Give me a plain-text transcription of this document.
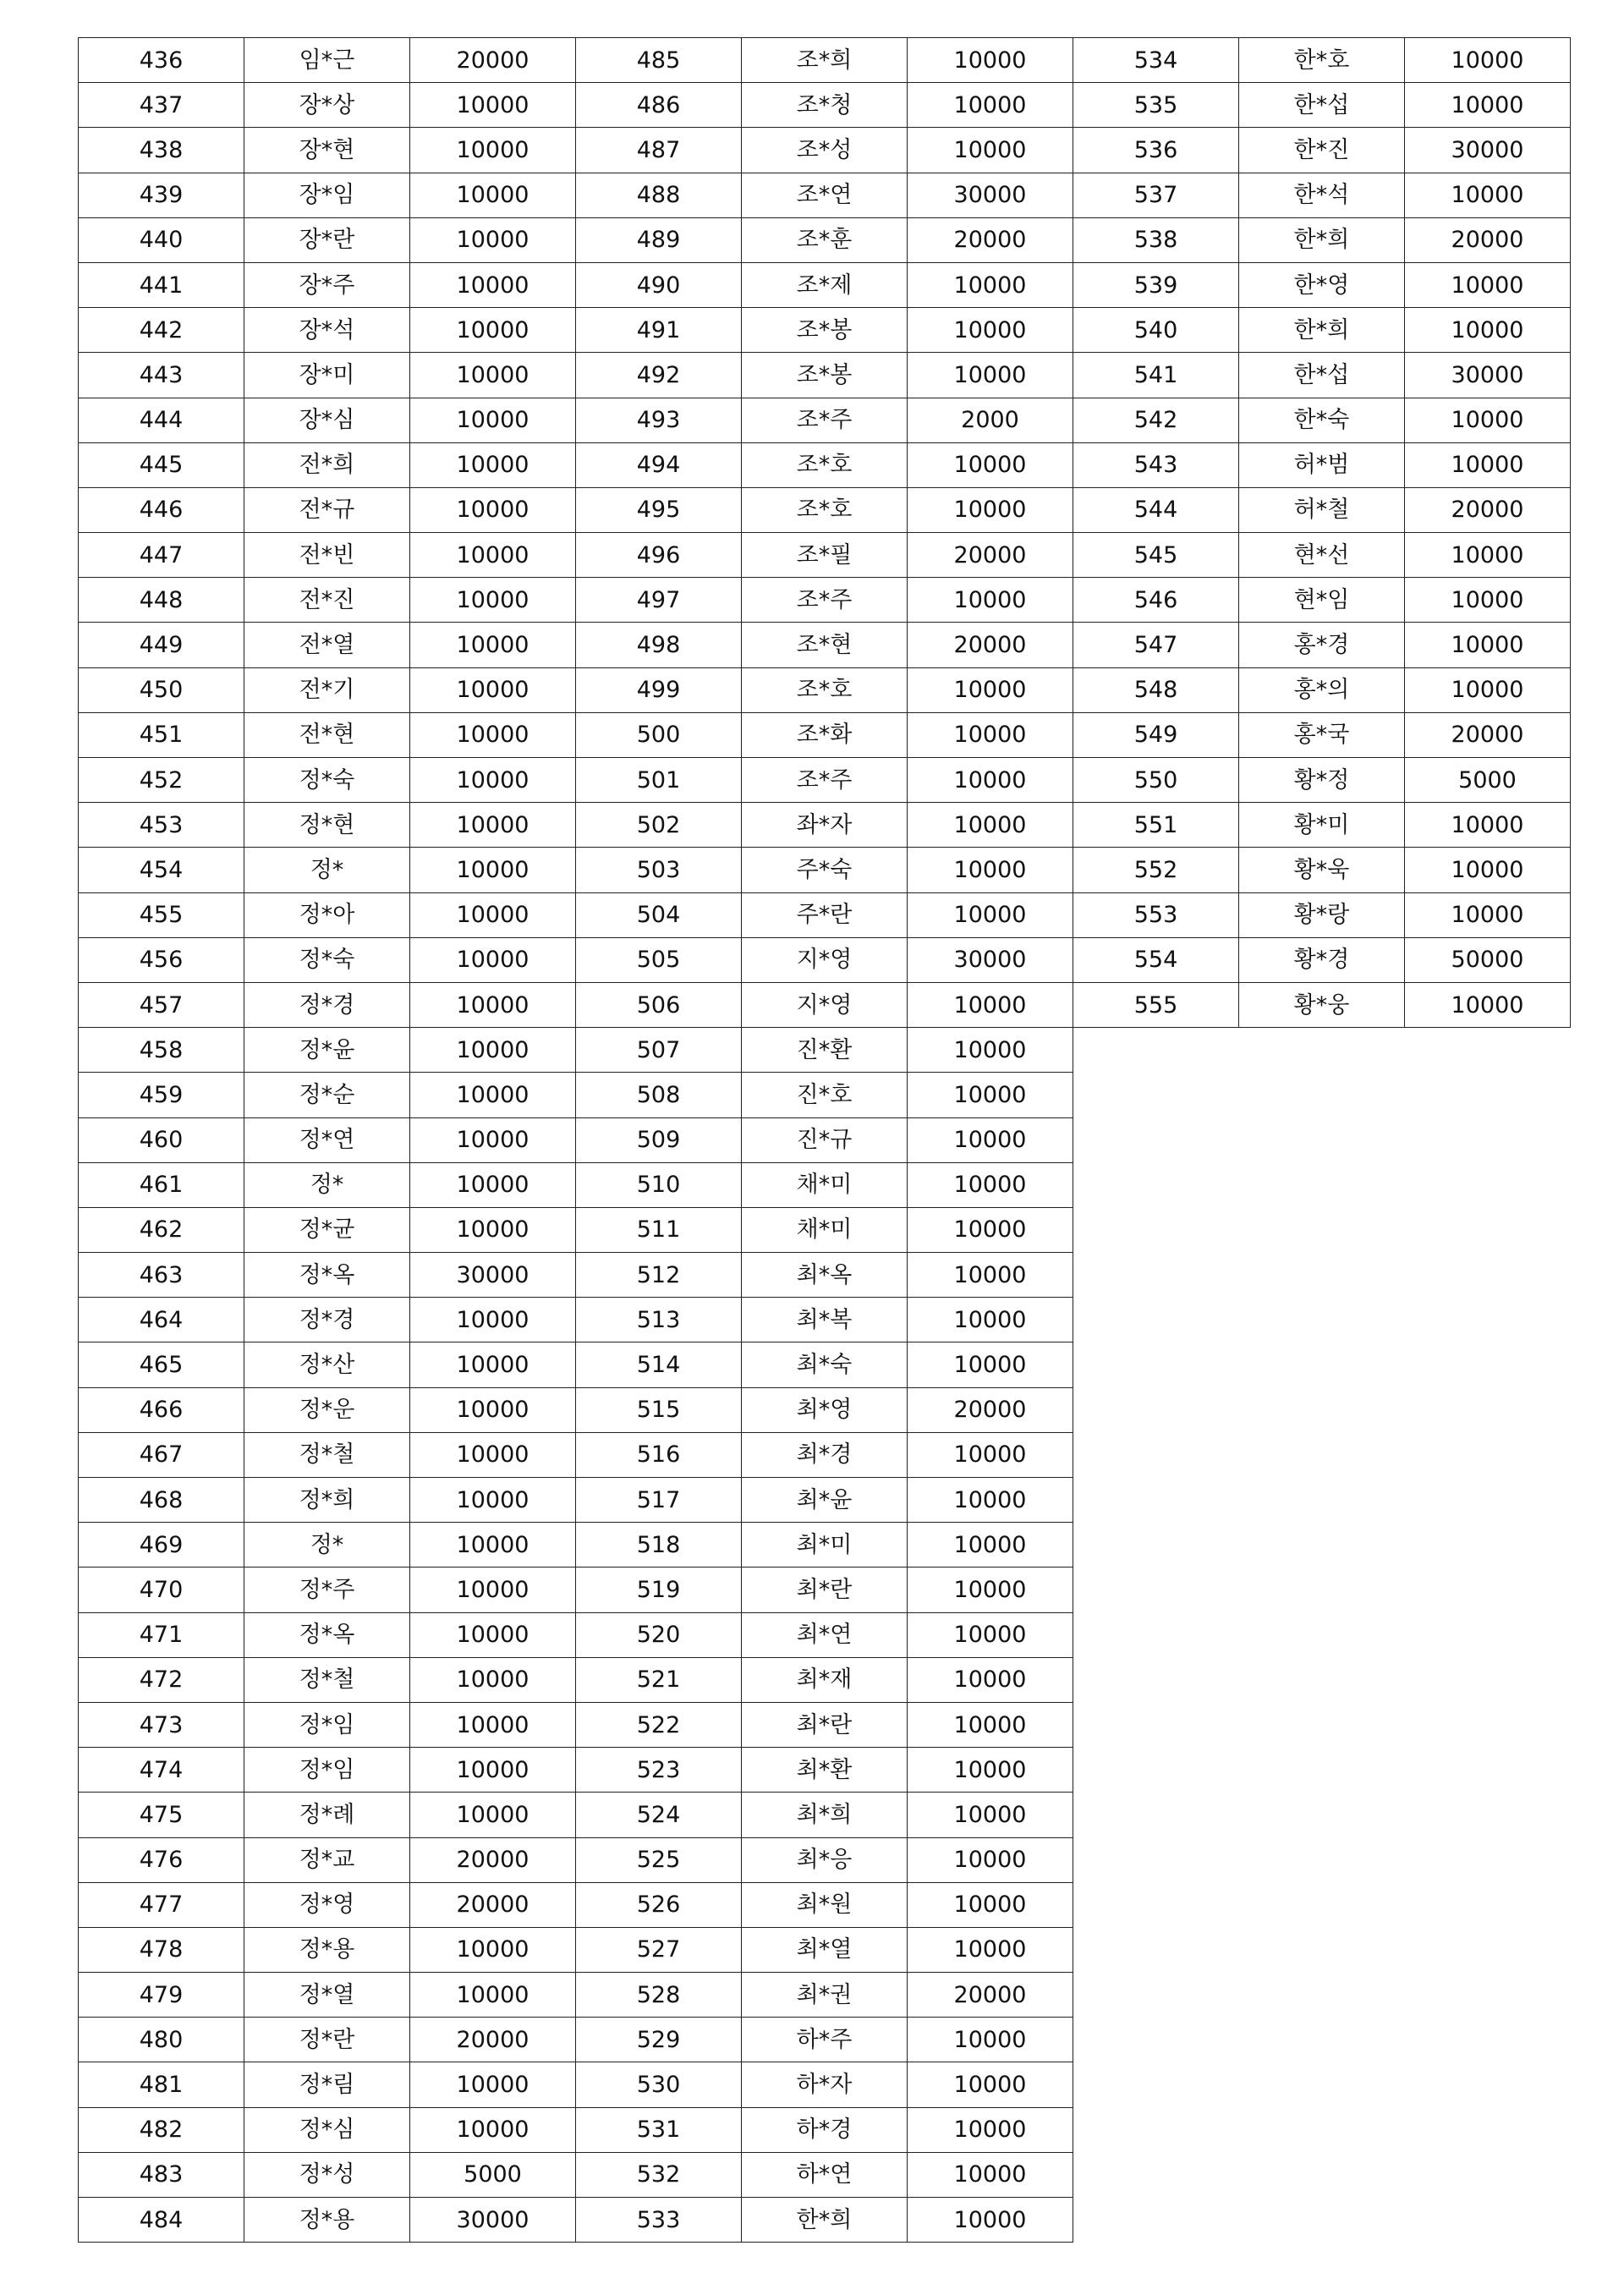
436	임*근	20000
437	장*상	10000
438	장*현	10000
439	장*임	10000
440	장*란	10000
441	장*주	10000
442	장*석	10000
443	장*미	10000
444	장*심	10000
445	전*희	10000
446	전*규	10000
447	전*빈	10000
448	전*진	10000
449	전*열	10000
450	전*기	10000
451	전*현	10000
452	정*숙	10000
453	정*현	10000
454	정*	10000
455	정*아	10000
456	정*숙	10000
457	정*경	10000
458	정*윤	10000
459	정*순	10000
460	정*연	10000
461	정*	10000
462	정*균	10000
463	정*옥	30000
464	정*경	10000
465	정*산	10000
466	정*운	10000
467	정*철	10000
468	정*희	10000
469	정*	10000
470	정*주	10000
471	정*옥	10000
472	정*철	10000
473	정*임	10000
474	정*임	10000
475	정*례	10000
476	정*교	20000
477	정*영	20000
478	정*용	10000
479	정*열	10000
480	정*란	20000
481	정*림	10000
482	정*심	10000
483	정*성	5000
484	정*용	30000
485	조*희	10000
486	조*청	10000
487	조*성	10000
488	조*연	30000
489	조*훈	20000
490	조*제	10000
491	조*봉	10000
492	조*봉	10000
493	조*주	2000
494	조*호	10000
495	조*호	10000
496	조*필	20000
497	조*주	10000
498	조*현	20000
499	조*호	10000
500	조*화	10000
501	조*주	10000
502	좌*자	10000
503	주*숙	10000
504	주*란	10000
505	지*영	30000
506	지*영	10000
507	진*환	10000
508	진*호	10000
509	진*규	10000
510	채*미	10000
511	채*미	10000
512	최*옥	10000
513	최*복	10000
514	최*숙	10000
515	최*영	20000
516	최*경	10000
517	최*윤	10000
518	최*미	10000
519	최*란	10000
520	최*연	10000
521	최*재	10000
522	최*란	10000
523	최*환	10000
524	최*희	10000
525	최*응	10000
526	최*원	10000
527	최*열	10000
528	최*권	20000
529	하*주	10000
530	하*자	10000
531	하*경	10000
532	하*연	10000
533	한*희	10000
534	한*호	10000
535	한*섭	10000
536	한*진	30000
537	한*석	10000
538	한*희	20000
539	한*영	10000
540	한*희	10000
541	한*섭	30000
542	한*숙	10000
543	허*범	10000
544	허*철	20000
545	현*선	10000
546	현*임	10000
547	홍*경	10000
548	홍*의	10000
549	홍*국	20000
550	황*정	5000
551	황*미	10000
552	황*욱	10000
553	황*랑	10000
554	황*경	50000
555	황*웅	10000
